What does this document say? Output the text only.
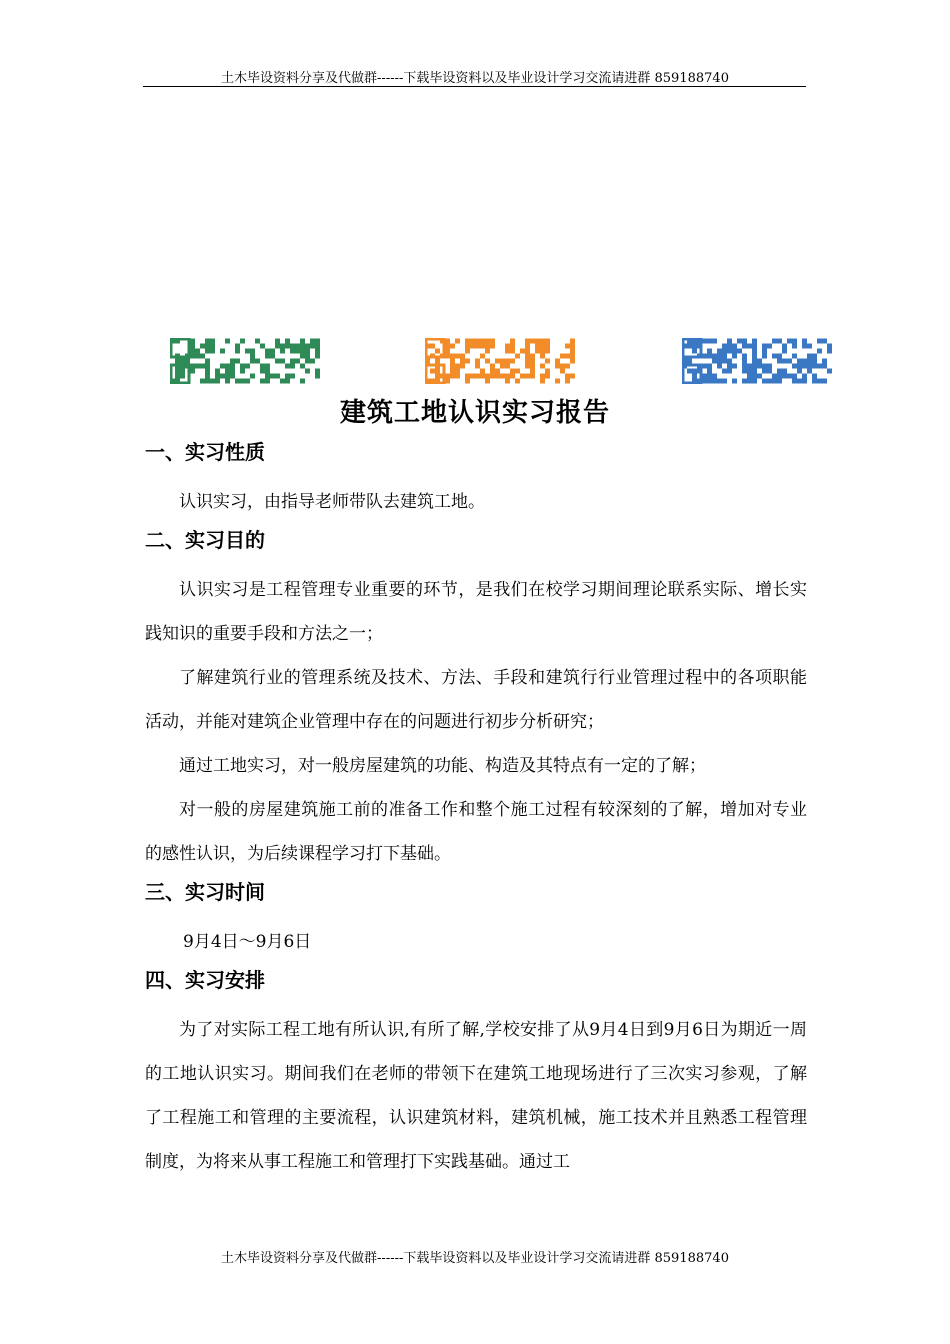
土木毕设资料分享及代做群------下载毕设资料以及毕业设计学习交流请进群 859188740
建筑工地认识实习报告
一、实习性质

认识实习，由指导老师带队去建筑工地。

二、实习目的

认识实习是工程管理专业重要的环节，是我们在校学习期间理论联系实际、增长实践知识的重要手段和方法之一；

了解建筑行业的管理系统及技术、方法、手段和建筑行行业管理过程中的各项职能活动，并能对建筑企业管理中存在的问题进行初步分析研究；

通过工地实习，对一般房屋建筑的功能、构造及其特点有一定的了解；

对一般的房屋建筑施工前的准备工作和整个施工过程有较深刻的了解，增加对专业的感性认识，为后续课程学习打下基础。

三、实习时间

9月4日～9月6日

四、实习安排

为了对实际工程工地有所认识,有所了解,学校安排了从9月4日到9月6日为期近一周的工地认识实习。期间我们在老师的带领下在建筑工地现场进行了三次实习参观，了解了工程施工和管理的主要流程，认识建筑材料，建筑机械，施工技术并且熟悉工程管理制度，为将来从事工程施工和管理打下实践基础。通过工

土木毕设资料分享及代做群------下载毕设资料以及毕业设计学习交流请进群 859188740
